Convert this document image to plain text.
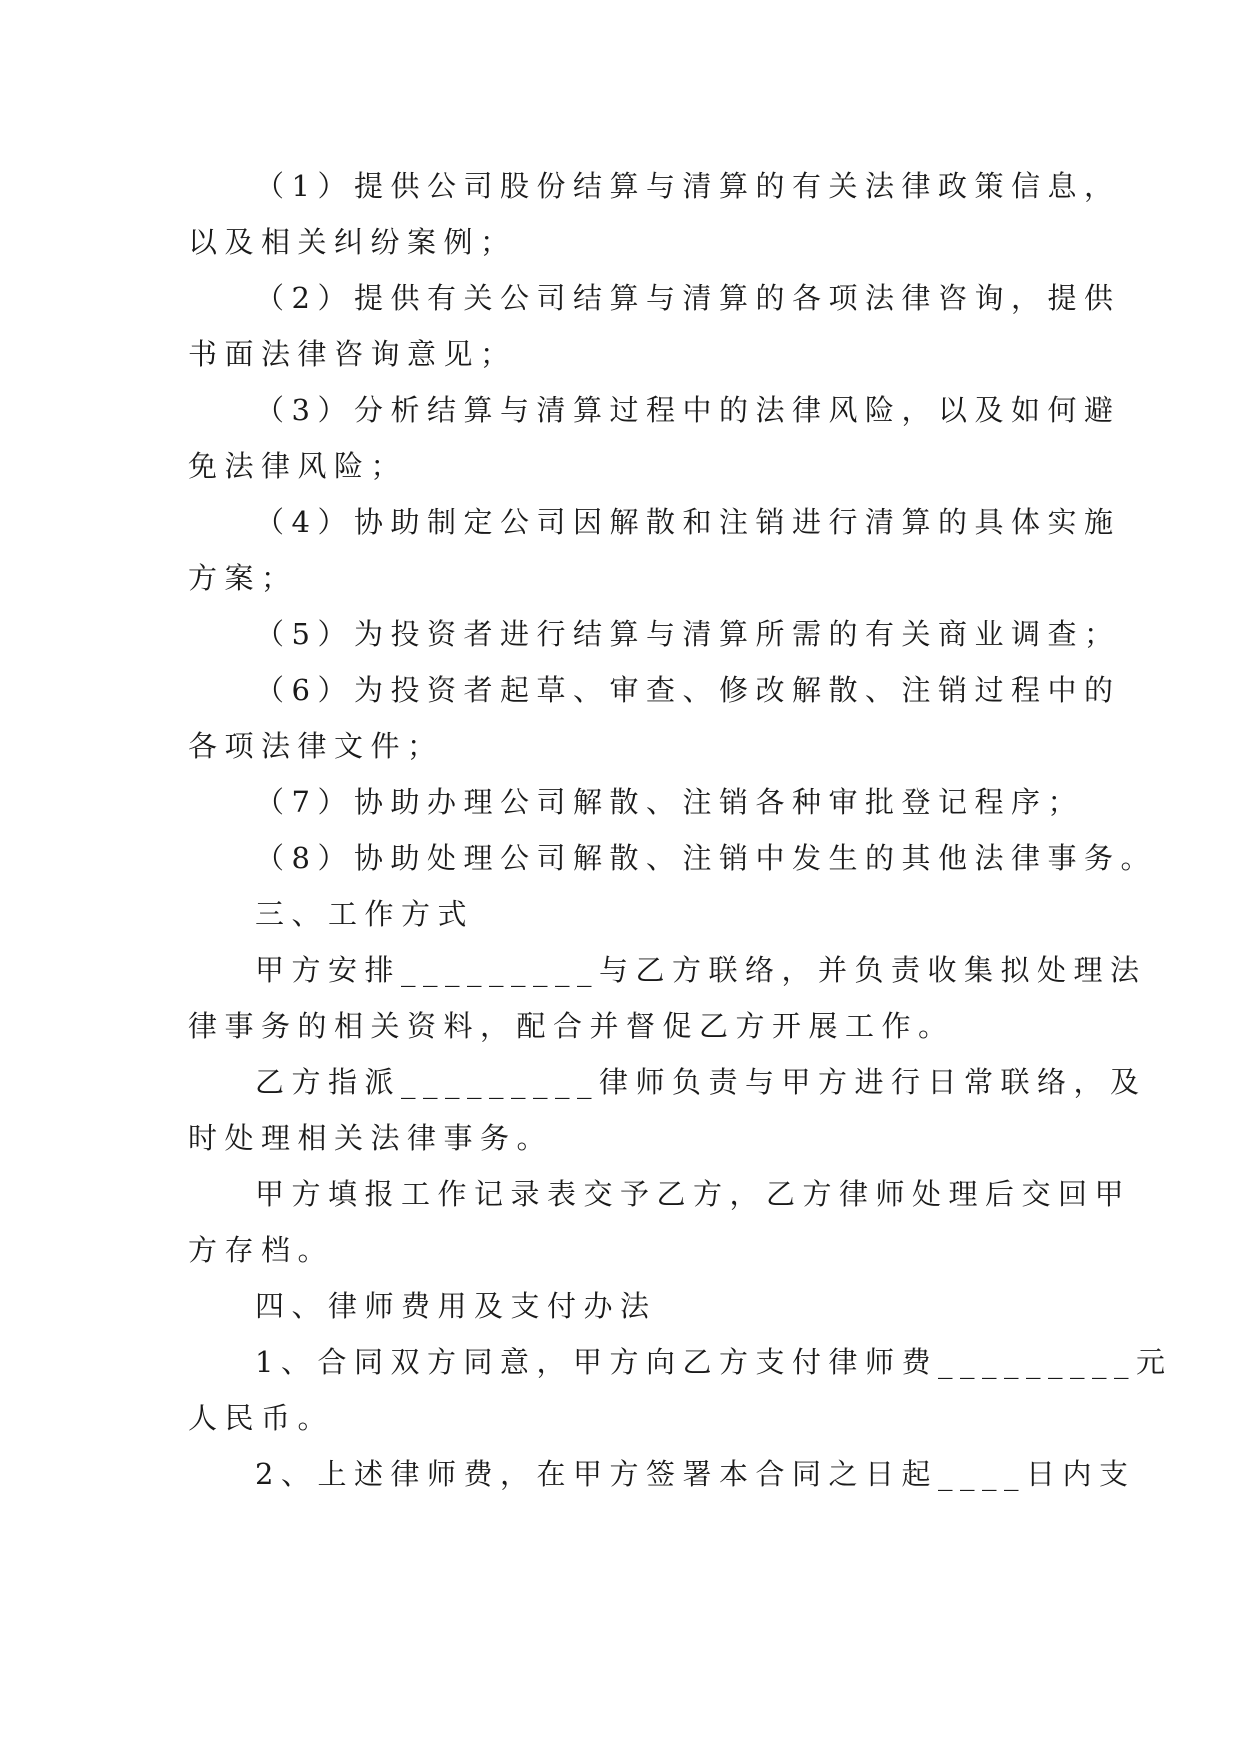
（1）提供公司股份结算与清算的有关法律政策信息，
以及相关纠纷案例；
（2）提供有关公司结算与清算的各项法律咨询，提供
书面法律咨询意见；
（3）分析结算与清算过程中的法律风险，以及如何避
免法律风险；
（4）协助制定公司因解散和注销进行清算的具体实施
方案；
（5）为投资者进行结算与清算所需的有关商业调查；
（6）为投资者起草、审查、修改解散、注销过程中的
各项法律文件；
（7）协助办理公司解散、注销各种审批登记程序；
（8）协助处理公司解散、注销中发生的其他法律事务。
三、工作方式
甲方安排_________与乙方联络，并负责收集拟处理法
律事务的相关资料，配合并督促乙方开展工作。
乙方指派_________律师负责与甲方进行日常联络，及
时处理相关法律事务。
甲方填报工作记录表交予乙方，乙方律师处理后交回甲
方存档。
四、律师费用及支付办法
1、合同双方同意，甲方向乙方支付律师费_________元
人民币。
2、上述律师费，在甲方签署本合同之日起____日内支
